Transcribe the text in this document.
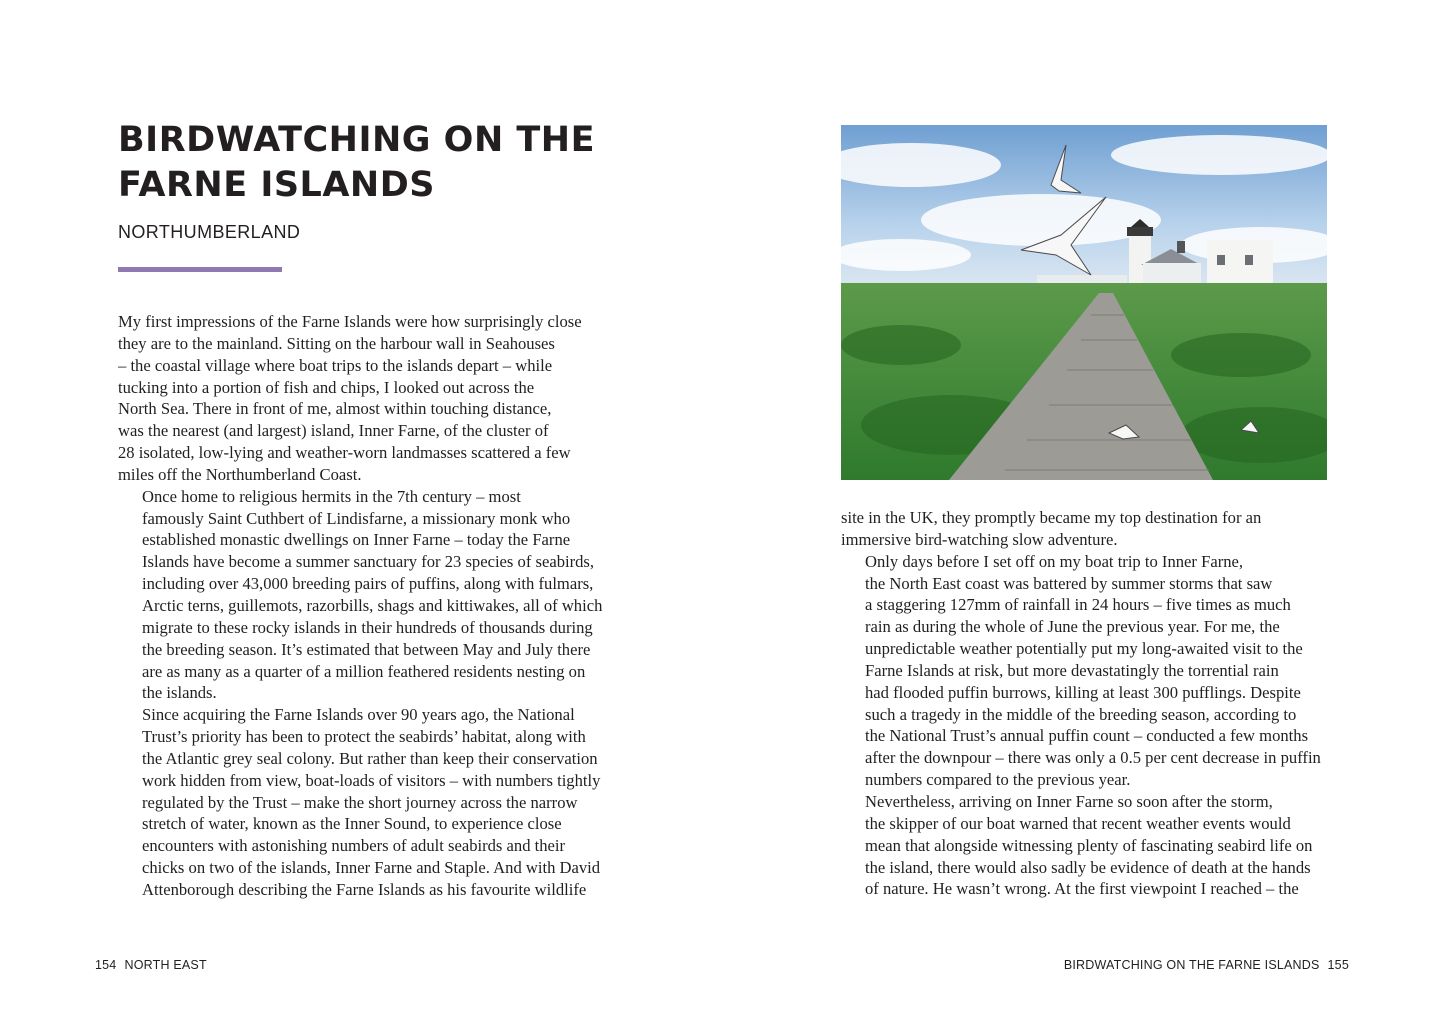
BIRDWATCHING ON THE
FARNE ISLANDS
NORTHUMBERLAND

My first impressions of the Farne Islands were how surprisingly close
they are to the mainland. Sitting on the harbour wall in Seahouses
– the coastal village where boat trips to the islands depart – while
tucking into a portion of fish and chips, I looked out across the
North Sea. There in front of me, almost within touching distance,
was the nearest (and largest) island, Inner Farne, of the cluster of
28 isolated, low-lying and weather-worn landmasses scattered a few
miles off the Northumberland Coast.

Once home to religious hermits in the 7th century – most
famously Saint Cuthbert of Lindisfarne, a missionary monk who
established monastic dwellings on Inner Farne – today the Farne
Islands have become a summer sanctuary for 23 species of seabirds,
including over 43,000 breeding pairs of puffins, along with fulmars,
Arctic terns, guillemots, razorbills, shags and kittiwakes, all of which
migrate to these rocky islands in their hundreds of thousands during
the breeding season. It’s estimated that between May and July there
are as many as a quarter of a million feathered residents nesting on
the islands.

Since acquiring the Farne Islands over 90 years ago, the National
Trust’s priority has been to protect the seabirds’ habitat, along with
the Atlantic grey seal colony. But rather than keep their conservation
work hidden from view, boat-loads of visitors – with numbers tightly
regulated by the Trust – make the short journey across the narrow
stretch of water, known as the Inner Sound, to experience close
encounters with astonishing numbers of adult seabirds and their
chicks on two of the islands, Inner Farne and Staple. And with David
Attenborough describing the Farne Islands as his favourite wildlife

154 NORTH EAST

site in the UK, they promptly became my top destination for an
immersive bird-watching slow adventure.

Only days before I set off on my boat trip to Inner Farne,
the North East coast was battered by summer storms that saw
a staggering 127mm of rainfall in 24 hours – five times as much
rain as during the whole of June the previous year. For me, the
unpredictable weather potentially put my long-awaited visit to the
Farne Islands at risk, but more devastatingly the torrential rain
had flooded puffin burrows, killing at least 300 pufflings. Despite
such a tragedy in the middle of the breeding season, according to
the National Trust’s annual puffin count – conducted a few months
after the downpour – there was only a 0.5 per cent decrease in puffin
numbers compared to the previous year.

Nevertheless, arriving on Inner Farne so soon after the storm,
the skipper of our boat warned that recent weather events would
mean that alongside witnessing plenty of fascinating seabird life on
the island, there would also sadly be evidence of death at the hands
of nature. He wasn’t wrong. At the first viewpoint I reached – the

BIRDWATCHING ON THE FARNE ISLANDS 155
